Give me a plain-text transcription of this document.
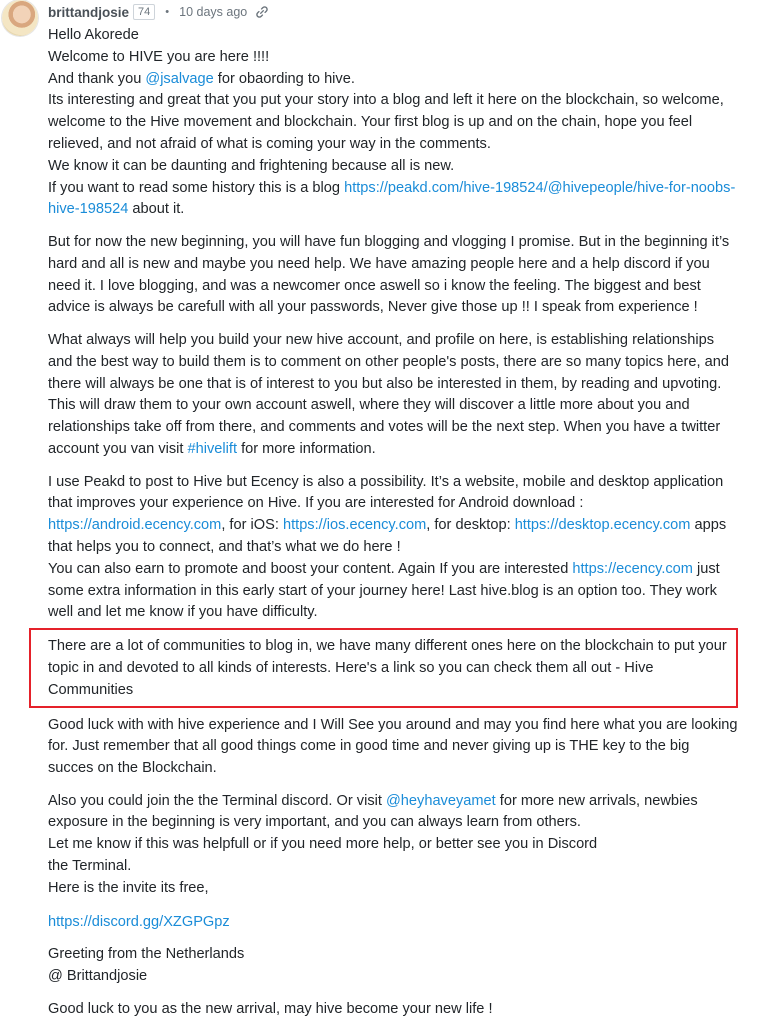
brittandjosie 74	• 10 days ago

Hello Akorede

Welcome to HIVE you are here !!!!

And thank you @jsalvage for obaording to hive.

Its interesting and great that you put your story into a blog and left it here on the blockchain, so welcome, welcome to the Hive movement and blockchain. Your first blog is up and on the chain, hope you feel relieved, and not afraid of what is coming your way in the comments.

We know it can be daunting and frightening because all is new.

If you want to read some history this is a blog https://peakd.com/hive-198524/@hivepeople/hive-for-noobs-hive-198524 about it.

But for now the new beginning, you will have fun blogging and vlogging I promise. But in the beginning it’s hard and all is new and maybe you need help. We have amazing people here and a help discord if you need it. I love blogging, and was a newcomer once aswell so i know the feeling. The biggest and best advice is always be carefull with all your passwords, Never give those up !! I speak from experience !

What always will help you build your new hive account, and profile on here, is establishing relationships and the best way to build them is to comment on other people's posts, there are so many topics here, and there will always be one that is of interest to you but also be interested in them, by reading and upvoting. This will draw them to your own account aswell, where they will discover a little more about you and relationships take off from there, and comments and votes will be the next step. When you have a twitter account you van visit #hivelift for more information.

I use Peakd to post to Hive but Ecency is also a possibility. It’s a website, mobile and desktop application that improves your experience on Hive. If you are interested for Android download :
https://android.ecency.com, for iOS: https://ios.ecency.com, for desktop: https://desktop.ecency.com apps that helps you to connect, and that’s what we do here !
You can also earn to promote and boost your content. Again If you are interested https://ecency.com just some extra information in this early start of your journey here! Last hive.blog is an option too. They work well and let me know if you have difficulty.

There are a lot of communities to blog in, we have many different ones here on the blockchain to put your topic in and devoted to all kinds of interests. Here's a link so you can check them all out - Hive Communities

Good luck with with hive experience and I Will See you around and may you find here what you are looking for. Just remember that all good things come in good time and never giving up is THE key to the big succes on the Blockchain.

Also you could join the the Terminal discord. Or visit @heyhaveyamet for more new arrivals, newbies exposure in the beginning is very important, and you can always learn from others.
Let me know if this was helpfull or if you need more help, or better see you in Discord
the Terminal.
Here is the invite its free,

https://discord.gg/XZGPGpz

Greeting from the Netherlands
@ Brittandjosie

Good luck to you as the new arrival, may hive become your new life !
